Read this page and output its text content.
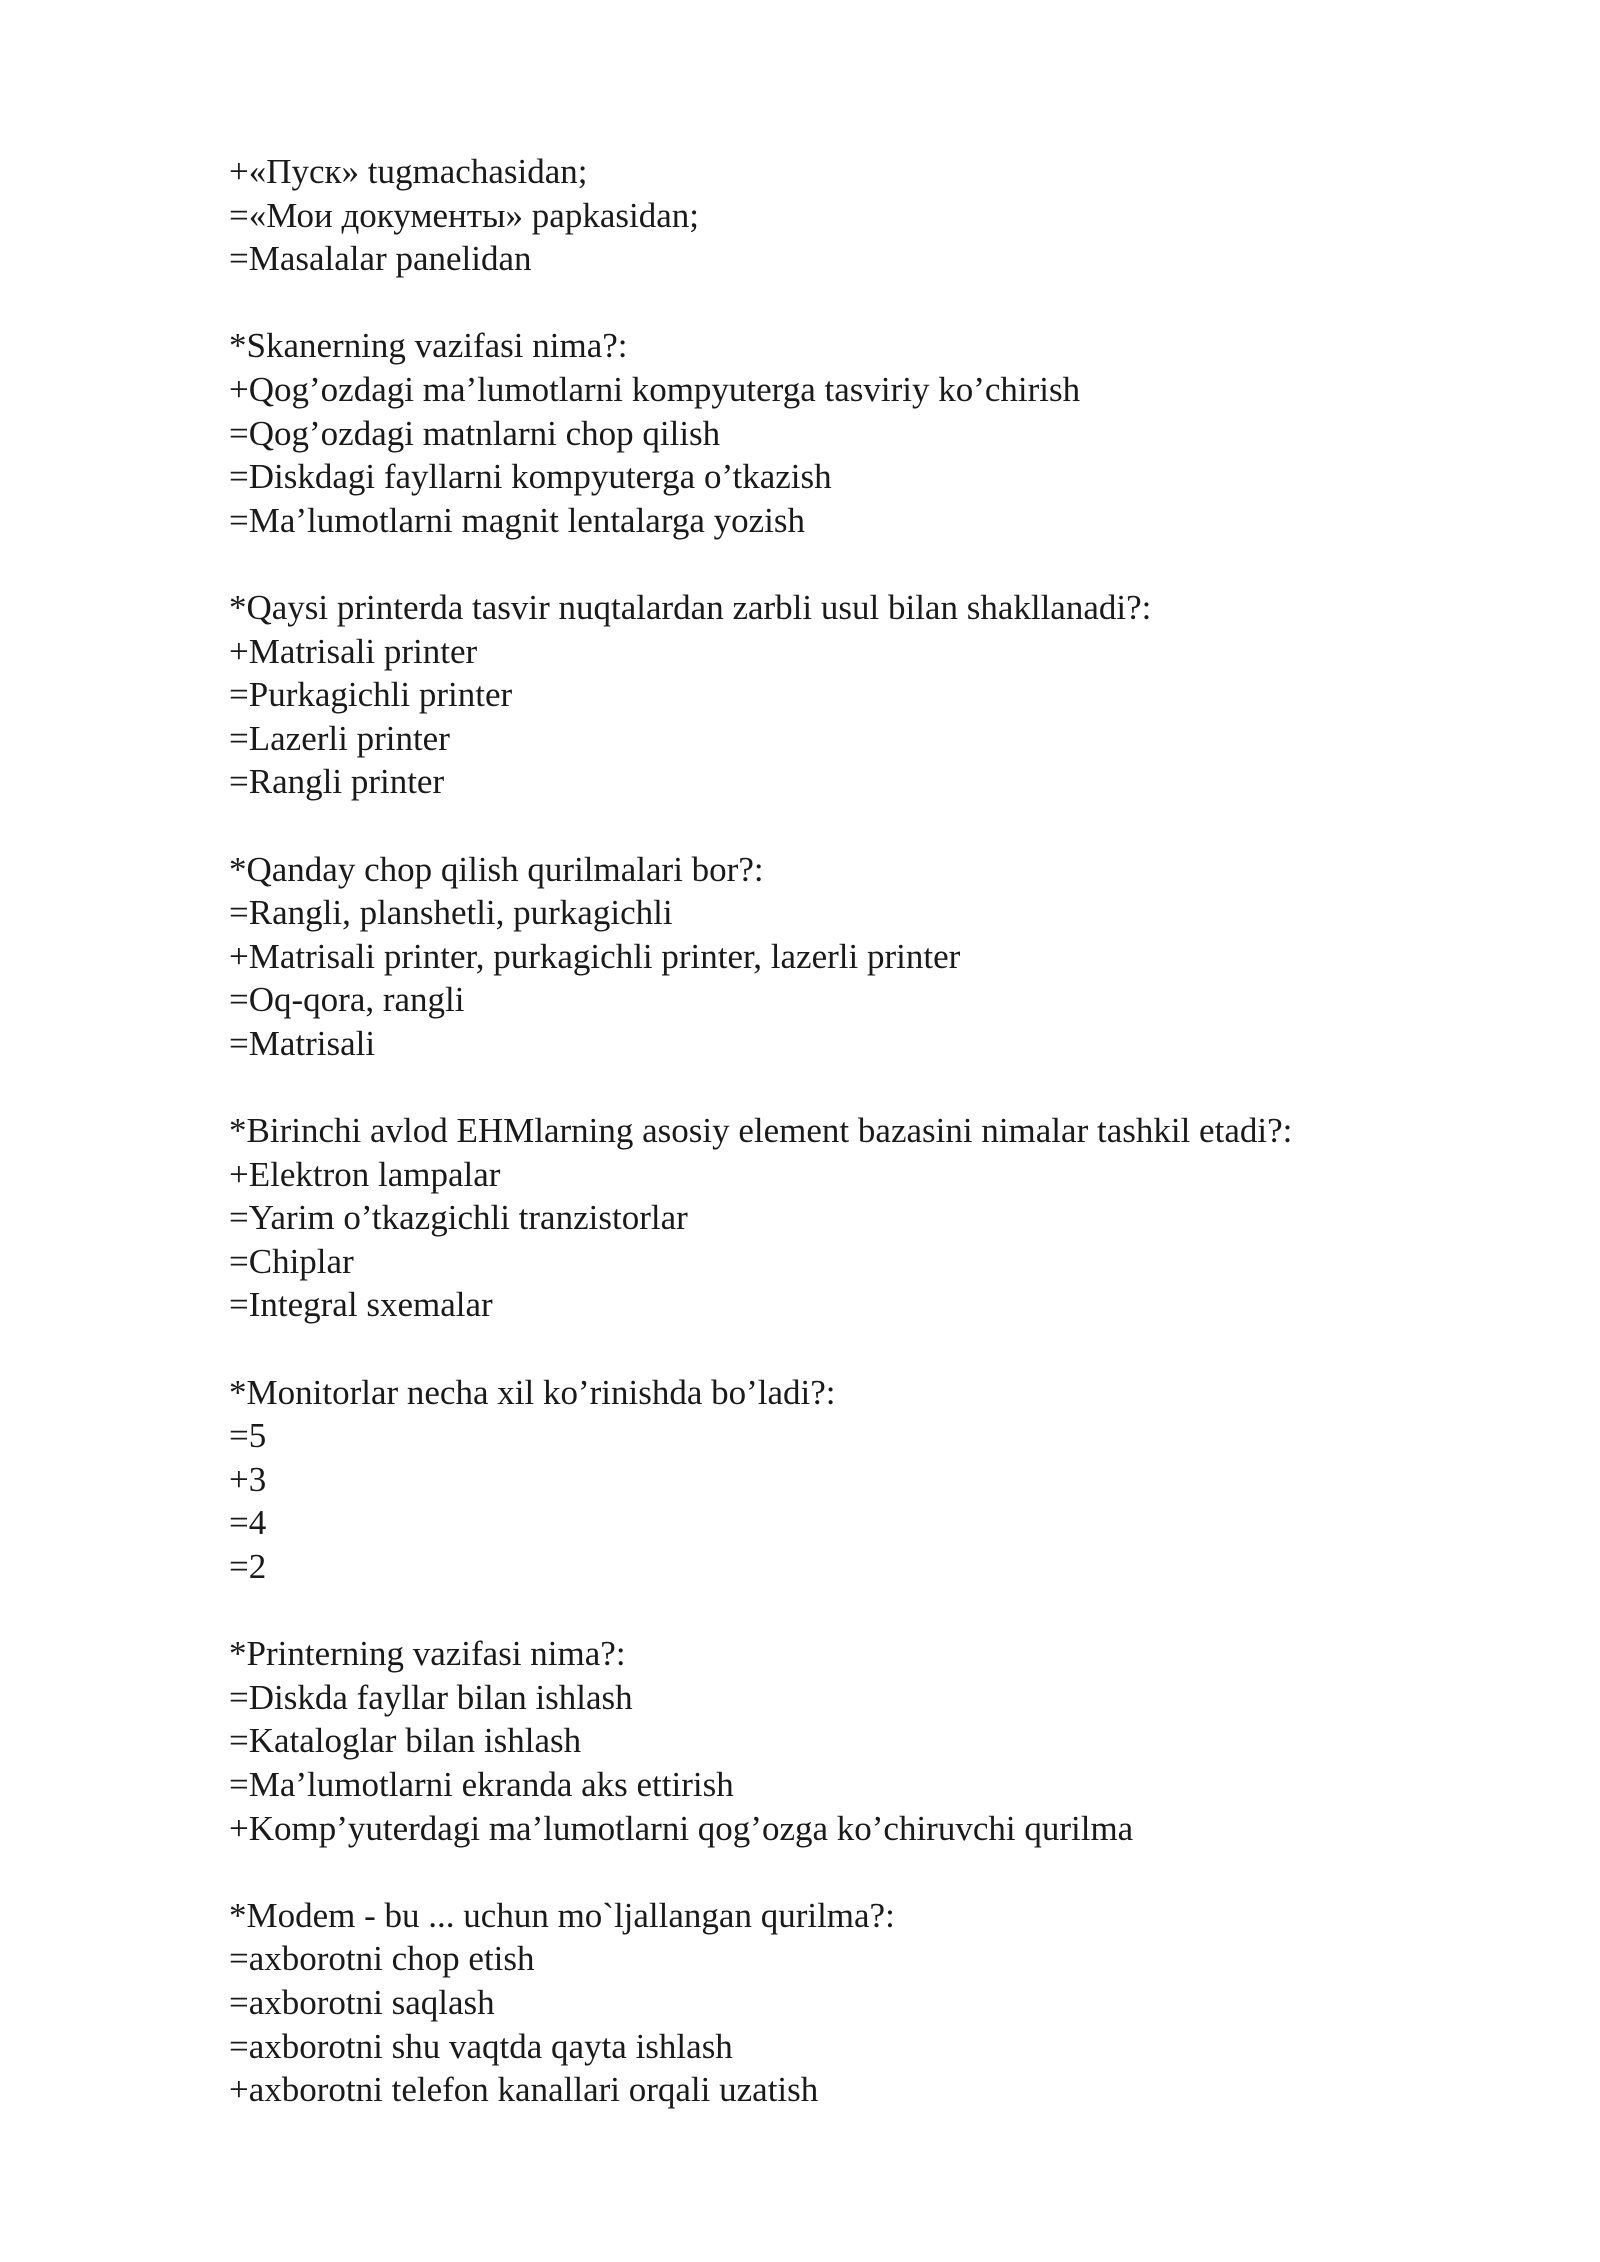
+«Пуск» tugmachasidan;
=«Мои документы» papkasidan;
=Masalalar panelidan
*Skanerning vazifasi nima?:
+Qog’ozdagi ma’lumotlarni kompyuterga tasviriy ko’chirish
=Qog’ozdagi matnlarni chop qilish
=Diskdagi fayllarni kompyuterga o’tkazish
=Ma’lumotlarni magnit lentalarga yozish
*Qaysi printerda tasvir nuqtalardan zarbli usul bilan shakllanadi?:
+Matrisali printer
=Purkagichli printer
=Lazerli printer
=Rangli printer
*Qanday chop qilish qurilmalari bor?:
=Rangli, planshetli, purkagichli
+Matrisali printer, purkagichli printer, lazerli printer
=Oq-qora, rangli
=Matrisali
*Birinchi avlod EHMlarning asosiy element bazasini nimalar tashkil etadi?:
+Elektron lampalar
=Yarim o’tkazgichli tranzistorlar
=Chiplar
=Integral sxemalar
*Monitorlar necha xil ko’rinishda bo’ladi?:
=5
+3
=4
=2
*Printerning vazifasi nima?:
=Diskda fayllar bilan ishlash
=Kataloglar bilan ishlash
=Ma’lumotlarni ekranda aks ettirish
+Komp’yuterdagi ma’lumotlarni qog’ozga ko’chiruvchi qurilma
*Modem - bu ... uchun mo`ljallangan qurilma?:
=axborotni chop etish
=axborotni saqlash
=axborotni shu vaqtda qayta ishlash
+axborotni telefon kanallari orqali uzatish
